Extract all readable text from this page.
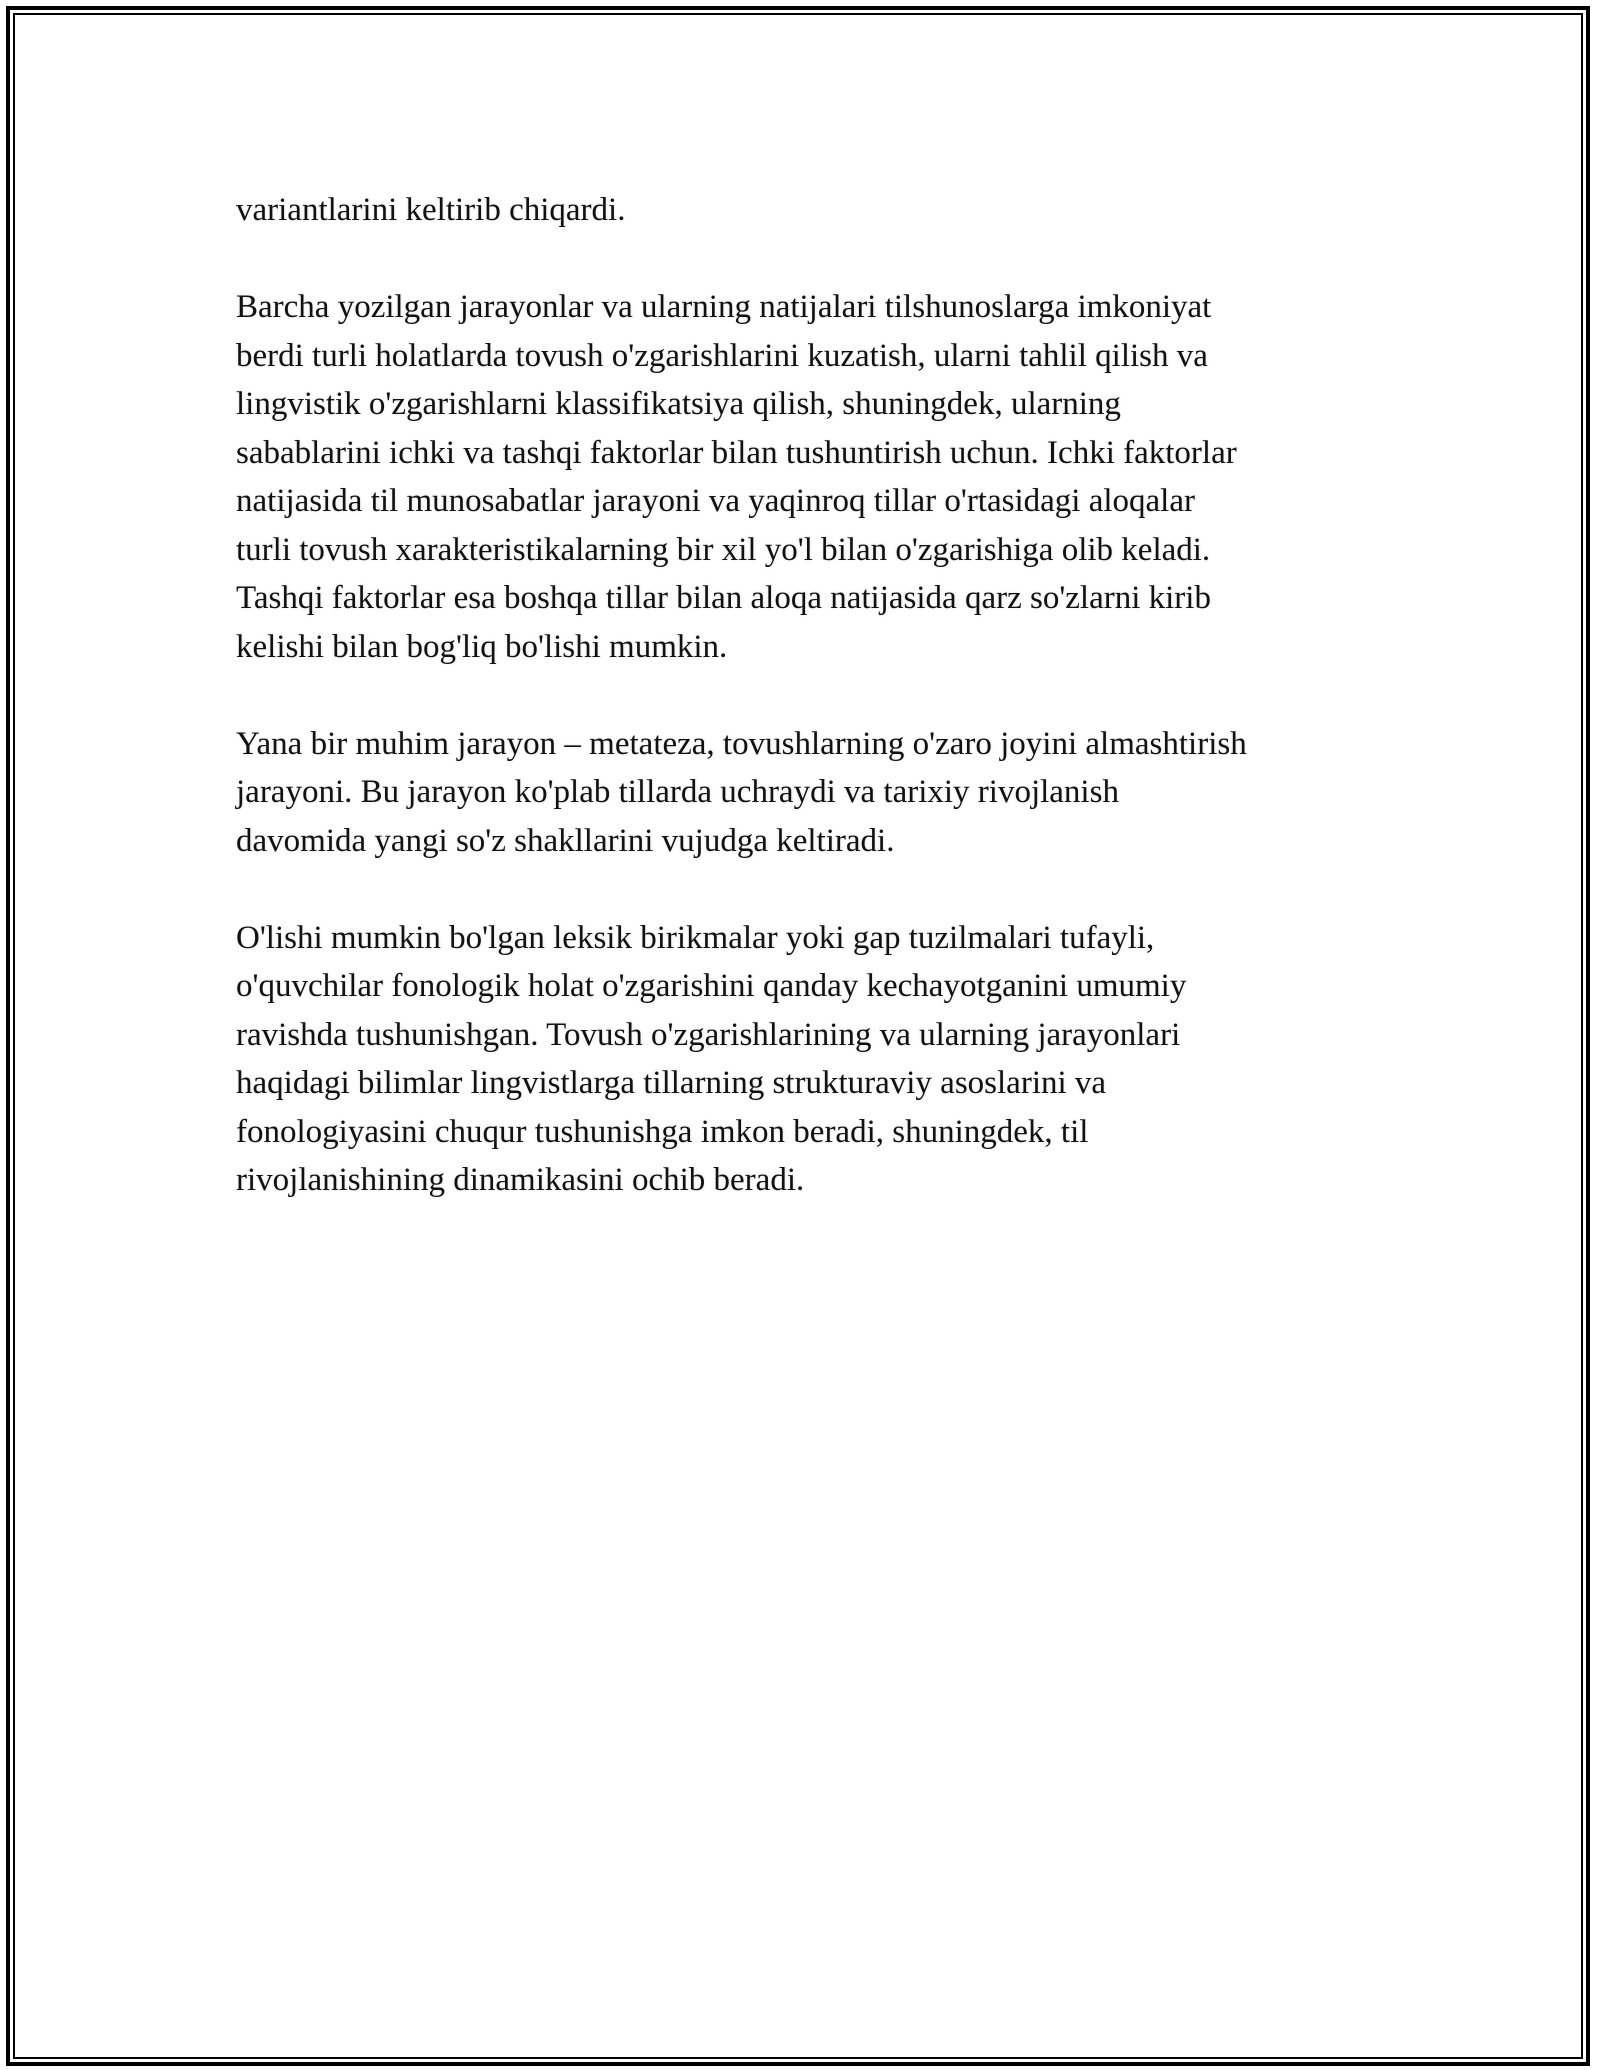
variantlarini keltirib chiqardi.
Barcha yozilgan jarayonlar va ularning natijalari tilshunoslarga imkoniyat
berdi turli holatlarda tovush o'zgarishlarini kuzatish, ularni tahlil qilish va
lingvistik o'zgarishlarni klassifikatsiya qilish, shuningdek, ularning
sabablarini ichki va tashqi faktorlar bilan tushuntirish uchun. Ichki faktorlar
natijasida til munosabatlar jarayoni va yaqinroq tillar o'rtasidagi aloqalar
turli tovush xarakteristikalarning bir xil yo'l bilan o'zgarishiga olib keladi.
Tashqi faktorlar esa boshqa tillar bilan aloqa natijasida qarz so'zlarni kirib
kelishi bilan bog'liq bo'lishi mumkin.
Yana bir muhim jarayon – metateza, tovushlarning o'zaro joyini almashtirish
jarayoni. Bu jarayon ko'plab tillarda uchraydi va tarixiy rivojlanish
davomida yangi so'z shakllarini vujudga keltiradi.
O'lishi mumkin bo'lgan leksik birikmalar yoki gap tuzilmalari tufayli,
o'quvchilar fonologik holat o'zgarishini qanday kechayotganini umumiy
ravishda tushunishgan. Tovush o'zgarishlarining va ularning jarayonlari
haqidagi bilimlar lingvistlarga tillarning strukturaviy asoslarini va
fonologiyasini chuqur tushunishga imkon beradi, shuningdek, til
rivojlanishining dinamikasini ochib beradi.
